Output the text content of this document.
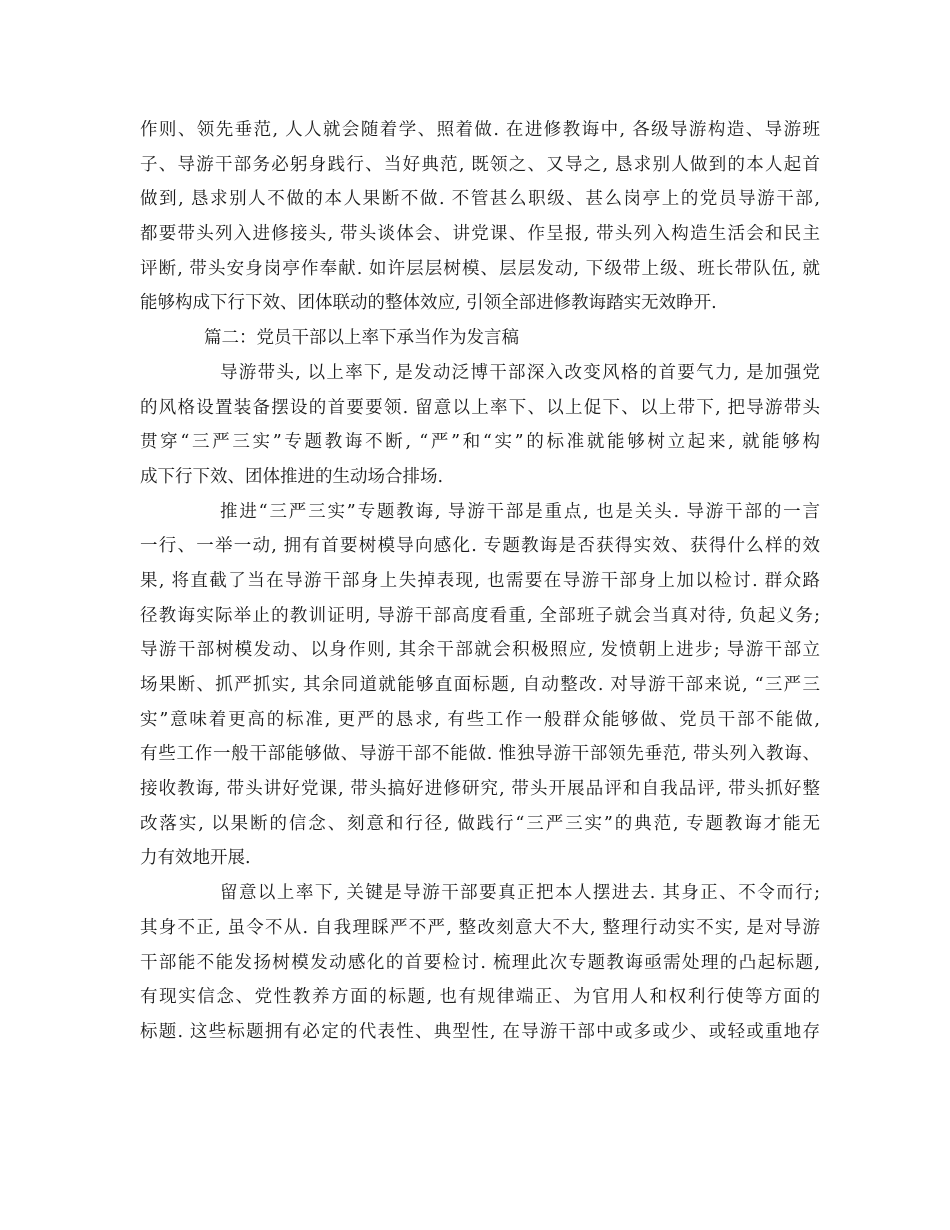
作则、领先垂范, 人人就会随着学、照着做. 在进修教诲中, 各级导游构造、导游班
子、导游干部务必躬身践行、当好典范, 既领之、又导之, 恳求别人做到的本人起首
做到, 恳求别人不做的本人果断不做. 不管甚么职级、甚么岗亭上的党员导游干部,
都要带头列入进修接头, 带头谈体会、讲党课、作呈报, 带头列入构造生活会和民主
评断, 带头安身岗亭作奉献. 如许层层树模、层层发动, 下级带上级、班长带队伍, 就
能够构成下行下效、团体联动的整体效应, 引领全部进修教诲踏实无效睁开.
篇二：党员干部以上率下承当作为发言稿
导游带头, 以上率下, 是发动泛博干部深入改变风格的首要气力, 是加强党
的风格设置装备摆设的首要要领. 留意以上率下、以上促下、以上带下, 把导游带头
贯穿“三严三实”专题教诲不断, “严”和“实”的标准就能够树立起来, 就能够构
成下行下效、团体推进的生动场合排场.
推进“三严三实”专题教诲, 导游干部是重点, 也是关头. 导游干部的一言
一行、一举一动, 拥有首要树模导向感化. 专题教诲是否获得实效、获得什么样的效
果, 将直截了当在导游干部身上失掉表现, 也需要在导游干部身上加以检讨. 群众路
径教诲实际举止的教训证明, 导游干部高度看重, 全部班子就会当真对待, 负起义务;
导游干部树模发动、以身作则, 其余干部就会积极照应, 发愤朝上进步; 导游干部立
场果断、抓严抓实, 其余同道就能够直面标题, 自动整改. 对导游干部来说, “三严三
实”意味着更高的标准, 更严的恳求, 有些工作一般群众能够做、党员干部不能做,
有些工作一般干部能够做、导游干部不能做. 惟独导游干部领先垂范, 带头列入教诲、
接收教诲, 带头讲好党课, 带头搞好进修研究, 带头开展品评和自我品评, 带头抓好整
改落实, 以果断的信念、刻意和行径, 做践行“三严三实”的典范, 专题教诲才能无
力有效地开展.
留意以上率下, 关键是导游干部要真正把本人摆进去. 其身正、不令而行;
其身不正, 虽令不从. 自我理睬严不严, 整改刻意大不大, 整理行动实不实, 是对导游
干部能不能发扬树模发动感化的首要检讨. 梳理此次专题教诲亟需处理的凸起标题,
有现实信念、党性教养方面的标题, 也有规律端正、为官用人和权利行使等方面的
标题. 这些标题拥有必定的代表性、典型性, 在导游干部中或多或少、或轻或重地存
